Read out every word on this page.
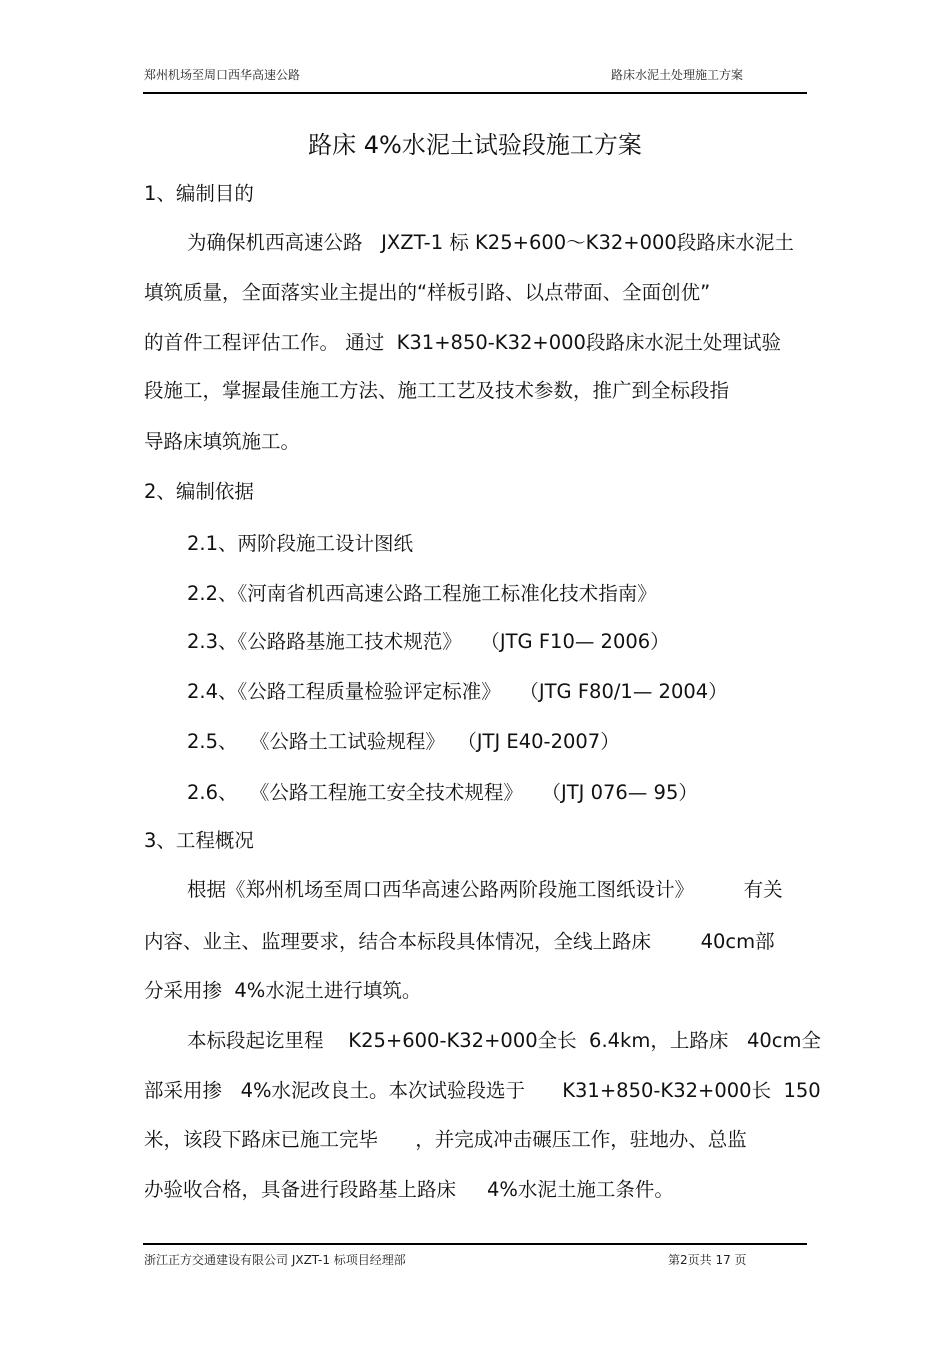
郑州机场至周口西华高速公路	路床水泥土处理施工方案
路床 4%水泥土试验段施工方案
1、编制目的
为确保机西高速公路   JXZT-1 标 K25+600～K32+000段路床水泥土
填筑质量，全面落实业主提出的“样板引路、以点带面、全面创优”
的首件工程评估工作。 通过  K31+850-K32+000段路床水泥土处理试验
段施工，掌握最佳施工方法、施工工艺及技术参数，推广到全标段指
导路床填筑施工。
2、编制依据
2.1、两阶段施工设计图纸
2.2、《河南省机西高速公路工程施工标准化技术指南》
2.3、《公路路基施工技术规范》   （JTG F10— 2006）
2.4、《公路工程质量检验评定标准》   （JTG F80/1— 2004）
2.5、  《公路土工试验规程》  （JTJ E40-2007）
2.6、  《公路工程施工安全技术规程》   （JTJ 076— 95）
3、工程概况
根据《郑州机场至周口西华高速公路两阶段施工图纸设计》        有关
内容、业主、监理要求，结合本标段具体情况，全线上路床        40cm部
分采用掺  4%水泥土进行填筑。
本标段起讫里程    K25+600-K32+000全长  6.4km，上路床   40cm全
部采用掺   4%水泥改良土。本次试验段选于      K31+850-K32+000长  150
米，该段下路床已施工完毕      ，并完成冲击碾压工作，驻地办、总监
办验收合格，具备进行段路基上路床     4%水泥土施工条件。
浙江正方交通建设有限公司 JXZT-1 标项目经理部	第2页共 17 页
